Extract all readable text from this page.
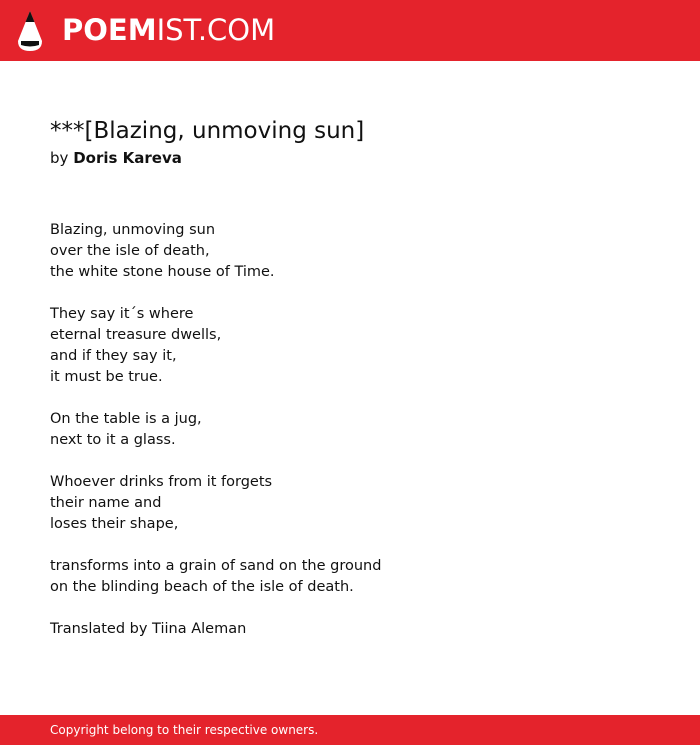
POEMIST.COM
***[Blazing, unmoving sun]
by Doris Kareva

Blazing, unmoving sun
over the isle of death,
the white stone house of Time.

They say it´s where
eternal treasure dwells,
and if they say it,
it must be true.

On the table is a jug,
next to it a glass.

Whoever drinks from it forgets
their name and
loses their shape,

transforms into a grain of sand on the ground
on the blinding beach of the isle of death.

Translated by Tiina Aleman
Copyright belong to their respective owners.
